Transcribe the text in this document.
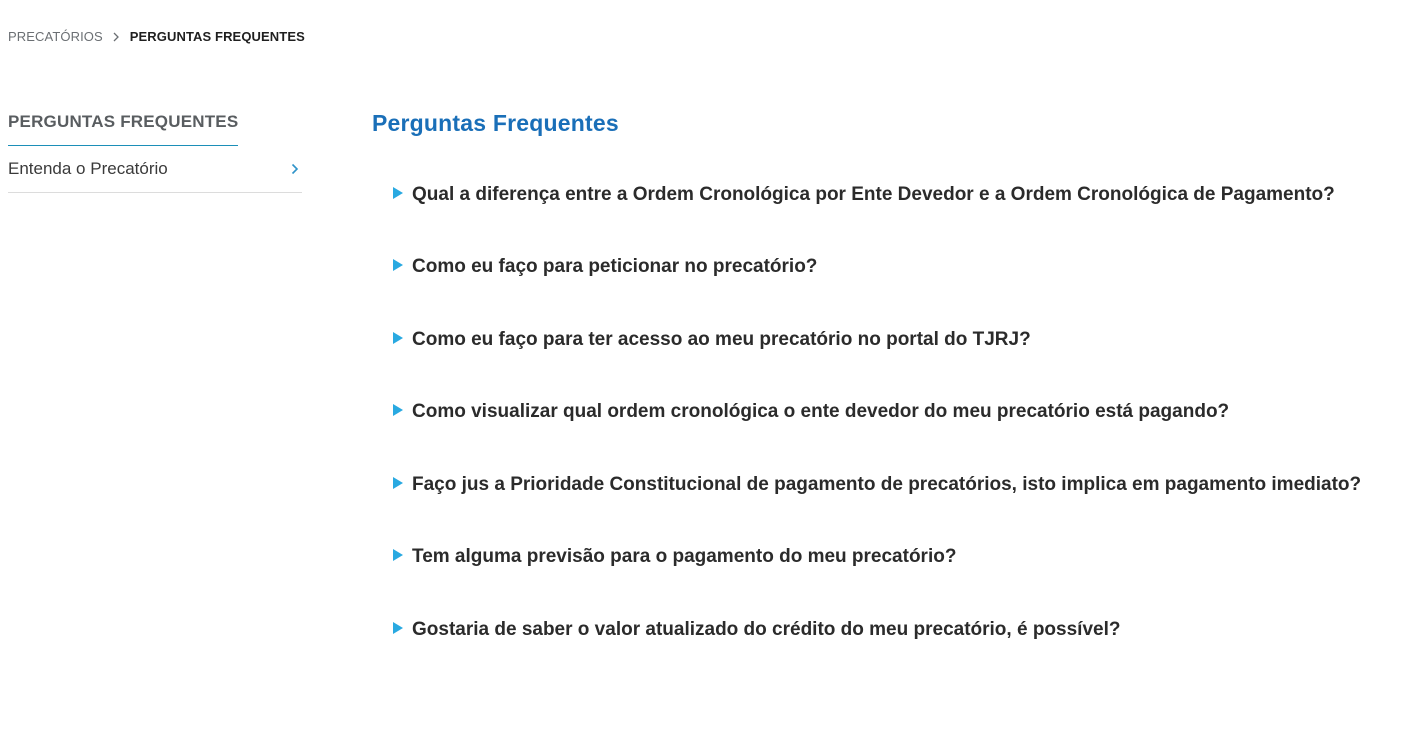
PRECATÓRIOS PERGUNTAS FREQUENTES
PERGUNTAS FREQUENTES
Entenda o Precatório
Perguntas Frequentes
Qual a diferença entre a Ordem Cronológica por Ente Devedor e a Ordem Cronológica de Pagamento?
Como eu faço para peticionar no precatório?
Como eu faço para ter acesso ao meu precatório no portal do TJRJ?
Como visualizar qual ordem cronológica o ente devedor do meu precatório está pagando?
Faço jus a Prioridade Constitucional de pagamento de precatórios, isto implica em pagamento imediato?
Tem alguma previsão para o pagamento do meu precatório?
Gostaria de saber o valor atualizado do crédito do meu precatório, é possível?
